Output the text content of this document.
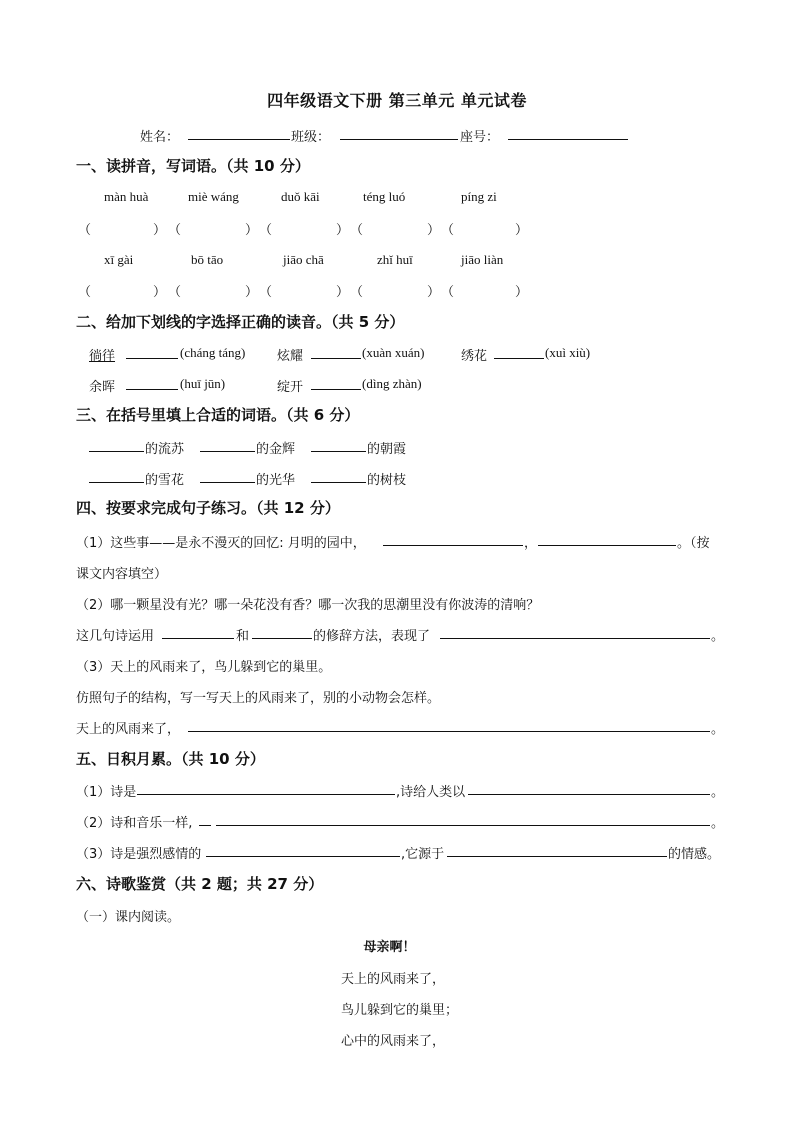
四年级语文下册 第三单元 单元试卷
姓名：	班级：	座号：
一、读拼音，写词语。（共 10 分）
màn huà	miè wáng	duǒ kāi	téng luó	píng zi
（	） （	） （	） （	） （	）
xī gài	bō tāo	jiāo chā	zhǐ huī	jiāo liàn
（	） （	） （	） （	） （	）
二、给加下划线的字选择正确的读音。（共 5 分）
徜徉	(cháng táng) 炫耀	(xuàn xuán)	绣花	(xuì xiù)
余晖	(huī jūn)	绽开	(dìng zhàn)
三、在括号里填上合适的词语。（共 6 分）
的流苏	的金辉	的朝霞
的雪花	的光华	的树枝
四、按要求完成句子练习。（共 12 分）
（1）这些事——是永不漫灭的回忆: 月明的园中，	，	。（按
课文内容填空）
（2）哪一颗星没有光？哪一朵花没有香？哪一次我的思潮里没有你波涛的清响？
这几句诗运用	和	的修辞方法，表现了	。
（3）天上的风雨来了，鸟儿躲到它的巢里。
仿照句子的结构，写一写天上的风雨来了，别的小动物会怎样。
天上的风雨来了，	。
五、日积月累。（共 10 分）
（1）诗是	,诗给人类以	。
（2）诗和音乐一样,	。
（3）诗是强烈感情的	,它源于	的情感。
六、诗歌鉴赏（共 2 题；共 27 分）
（一）课内阅读。
母亲啊！
天上的风雨来了，
鸟儿躲到它的巢里；
心中的风雨来了，
